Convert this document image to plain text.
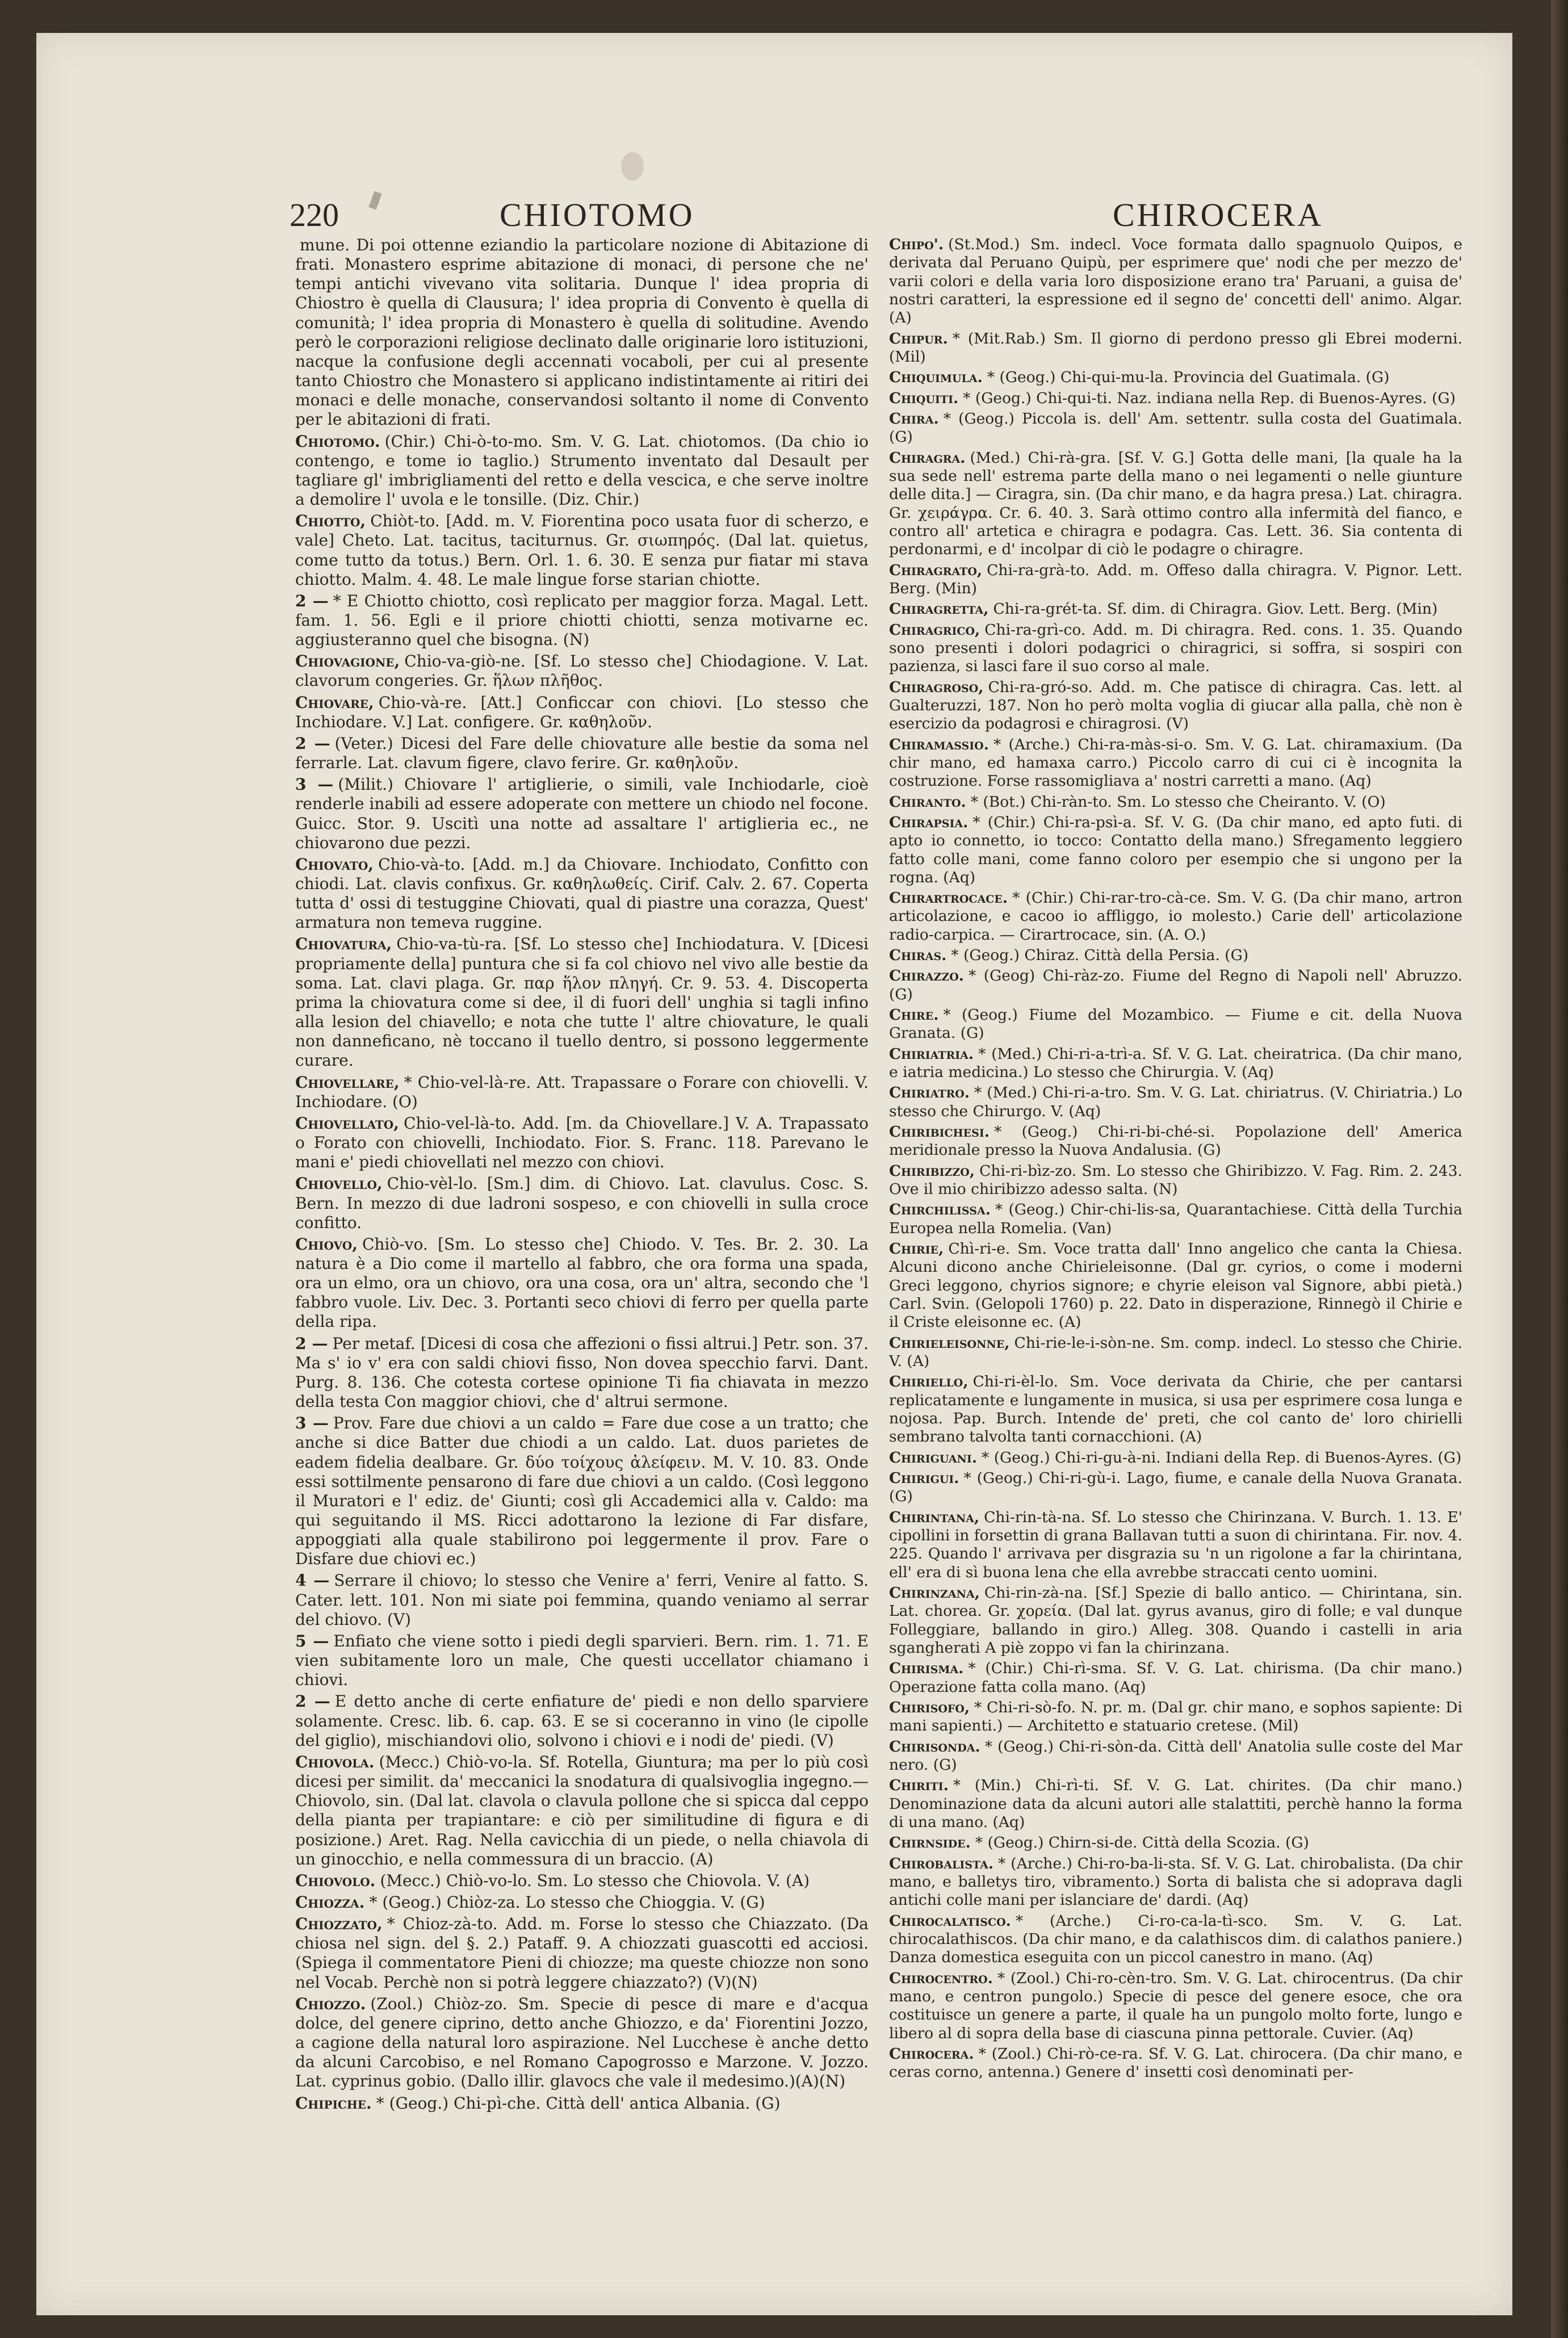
220	CHIOTOMO	CHIROCERA

mune. Di poi ottenne eziandio la particolare nozione di Abitazione di frati. Monastero esprime abitazione di monaci, di persone che ne' tempi antichi vivevano vita solitaria. Dunque l' idea propria di Chiostro è quella di Clausura; l' idea propria di Convento è quella di comunità; l' idea propria di Monastero è quella di solitudine. Avendo però le corporazioni religiose declinato dalle originarie loro istituzioni, nacque la confusione degli accennati vocaboli, per cui al presente tanto Chiostro che Monastero si applicano indistintamente ai ritiri dei monaci e delle monache, conservandosi soltanto il nome di Convento per le abitazioni di frati.

Chiotomo. (Chir.) Chi-ò-to-mo. Sm. V. G. Lat. chiotomos. (Da chio io contengo, e tome io taglio.) Strumento inventato dal Desault per tagliare gl' imbrigliamenti del retto e della vescica, e che serve inoltre a demolire l' uvola e le tonsille. (Diz. Chir.)

Chiotto, Chiòt-to. [Add. m. V. Fiorentina poco usata fuor di scherzo, e vale] Cheto. Lat. tacitus, taciturnus. Gr. σιωπηρός. (Dal lat. quietus, come tutto da totus.) Bern. Orl. 1. 6. 30. E senza pur fiatar mi stava chiotto. Malm. 4. 48. Le male lingue forse starian chiotte.

2 — * E Chiotto chiotto, così replicato per maggior forza. Magal. Lett. fam. 1. 56. Egli e il priore chiotti chiotti, senza motivarne ec. aggiusteranno quel che bisogna. (N)

Chiovagione, Chio-va-giò-ne. [Sf. Lo stesso che] Chiodagione. V. Lat. clavorum congeries. Gr. ἥλων πλῆθος.

Chiovare, Chio-và-re. [Att.] Conficcar con chiovi. [Lo stesso che Inchiodare. V.] Lat. configere. Gr. καθηλοῦν.

2 — (Veter.) Dicesi del Fare delle chiovature alle bestie da soma nel ferrarle. Lat. clavum figere, clavo ferire. Gr. καθηλοῦν.

3 — (Milit.) Chiovare l' artiglierie, o simili, vale Inchiodarle, cioè renderle inabili ad essere adoperate con mettere un chiodo nel focone. Guicc. Stor. 9. Uscitì una notte ad assaltare l' artiglieria ec., ne chiovarono due pezzi.

Chiovato, Chio-và-to. [Add. m.] da Chiovare. Inchiodato, Confitto con chiodi. Lat. clavis confixus. Gr. καθηλωθείς. Cirif. Calv. 2. 67. Coperta tutta d' ossi di testuggine Chiovati, qual di piastre una corazza, Quest' armatura non temeva ruggine.

Chiovatura, Chio-va-tù-ra. [Sf. Lo stesso che] Inchiodatura. V. [Dicesi propriamente della] puntura che si fa col chiovo nel vivo alle bestie da soma. Lat. clavi plaga. Gr. παρ ἥλον πληγή. Cr. 9. 53. 4. Discoperta prima la chiovatura come si dee, il di fuori dell' unghia si tagli infino alla lesion del chiavello; e nota che tutte l' altre chiovature, le quali non danneficano, nè toccano il tuello dentro, si possono leggermente curare.

Chiovellare, * Chio-vel-là-re. Att. Trapassare o Forare con chiovelli. V. Inchiodare. (O)

Chiovellato, Chio-vel-là-to. Add. [m. da Chiovellare.] V. A. Trapassato o Forato con chiovelli, Inchiodato. Fior. S. Franc. 118. Parevano le mani e' piedi chiovellati nel mezzo con chiovi.

Chiovello, Chio-vèl-lo. [Sm.] dim. di Chiovo. Lat. clavulus. Cosc. S. Bern. In mezzo di due ladroni sospeso, e con chiovelli in sulla croce confitto.

Chiovo, Chiò-vo. [Sm. Lo stesso che] Chiodo. V. Tes. Br. 2. 30. La natura è a Dio come il martello al fabbro, che ora forma una spada, ora un elmo, ora un chiovo, ora una cosa, ora un' altra, secondo che 'l fabbro vuole. Liv. Dec. 3. Portanti seco chiovi di ferro per quella parte della ripa.

2 — Per metaf. [Dicesi di cosa che affezioni o fissi altrui.] Petr. son. 37. Ma s' io v' era con saldi chiovi fisso, Non dovea specchio farvi. Dant. Purg. 8. 136. Che cotesta cortese opinione Ti fia chiavata in mezzo della testa Con maggior chiovi, che d' altrui sermone.

3 — Prov. Fare due chiovi a un caldo = Fare due cose a un tratto; che anche si dice Batter due chiodi a un caldo. Lat. duos parietes de eadem fidelia dealbare. Gr. δύο τοίχους ἀλείφειν. M. V. 10. 83. Onde essi sottilmente pensarono di fare due chiovi a un caldo. (Così leggono il Muratori e l' ediz. de' Giunti; così gli Accademici alla v. Caldo: ma qui seguitando il MS. Ricci adottarono la lezione di Far disfare, appoggiati alla quale stabilirono poi leggermente il prov. Fare o Disfare due chiovi ec.)

4 — Serrare il chiovo; lo stesso che Venire a' ferri, Venire al fatto. S. Cater. lett. 101. Non mi siate poi femmina, quando veniamo al serrar del chiovo. (V)

5 — Enfiato che viene sotto i piedi degli sparvieri. Bern. rim. 1. 71. E vien subitamente loro un male, Che questi uccellator chiamano i chiovi.

2 — E detto anche di certe enfiature de' piedi e non dello sparviere solamente. Cresc. lib. 6. cap. 63. E se si coceranno in vino (le cipolle del giglio), mischiandovi olio, solvono i chiovi e i nodi de' piedi. (V)

Chiovola. (Mecc.) Chiò-vo-la. Sf. Rotella, Giuntura; ma per lo più così dicesi per similit. da' meccanici la snodatura di qualsivoglia ingegno.— Chiovolo, sin. (Dal lat. clavola o clavula pollone che si spicca dal ceppo della pianta per trapiantare: e ciò per similitudine di figura e di posizione.) Aret. Rag. Nella cavicchia di un piede, o nella chiavola di un ginocchio, e nella commessura di un braccio. (A)

Chiovolo. (Mecc.) Chiò-vo-lo. Sm. Lo stesso che Chiovola. V. (A)

Chiozza. * (Geog.) Chiòz-za. Lo stesso che Chioggia. V. (G)

Chiozzato, * Chioz-zà-to. Add. m. Forse lo stesso che Chiazzato. (Da chiosa nel sign. del §. 2.) Pataff. 9. A chiozzati guascotti ed acciosi. (Spiega il commentatore Pieni di chiozze; ma queste chiozze non sono nel Vocab. Perchè non si potrà leggere chiazzato?) (V)(N)

Chiozzo. (Zool.) Chiòz-zo. Sm. Specie di pesce di mare e d'acqua dolce, del genere ciprino, detto anche Ghiozzo, e da' Fiorentini Jozzo, a cagione della natural loro aspirazione. Nel Lucchese è anche detto da alcuni Carcobiso, e nel Romano Capogrosso e Marzone. V. Jozzo. Lat. cyprinus gobio. (Dallo illir. glavocs che vale il medesimo.)(A)(N)

Chipiche. * (Geog.) Chi-pì-che. Città dell' antica Albania. (G)

Chipo'. (St.Mod.) Sm. indecl. Voce formata dallo spagnuolo Quipos, e derivata dal Peruano Quipù, per esprimere que' nodi che per mezzo de' varii colori e della varia loro disposizione erano tra' Paruani, a guisa de' nostri caratteri, la espressione ed il segno de' concetti dell' animo. Algar. (A)

Chipur. * (Mit.Rab.) Sm. Il giorno di perdono presso gli Ebrei moderni. (Mil)

Chiquimula. * (Geog.) Chi-qui-mu-la. Provincia del Guatimala. (G)

Chiquiti. * (Geog.) Chi-qui-ti. Naz. indiana nella Rep. di Buenos-Ayres. (G)

Chira. * (Geog.) Piccola is. dell' Am. settentr. sulla costa del Guatimala. (G)

Chiragra. (Med.) Chi-rà-gra. [Sf. V. G.] Gotta delle mani, [la quale ha la sua sede nell' estrema parte della mano o nei legamenti o nelle giunture delle dita.] — Ciragra, sin. (Da chir mano, e da hagra presa.) Lat. chiragra. Gr. χειράγρα. Cr. 6. 40. 3. Sarà ottimo contro alla infermità del fianco, e contro all' artetica e chiragra e podagra. Cas. Lett. 36. Sia contenta di perdonarmi, e d' incolpar di ciò le podagre o chiragre.

Chiragrato, Chi-ra-grà-to. Add. m. Offeso dalla chiragra. V. Pignor. Lett. Berg. (Min)

Chiragretta, Chi-ra-grét-ta. Sf. dim. di Chiragra. Giov. Lett. Berg. (Min)

Chiragrico, Chi-ra-grì-co. Add. m. Di chiragra. Red. cons. 1. 35. Quando sono presenti i dolori podagrici o chiragrici, si soffra, si sospiri con pazienza, si lasci fare il suo corso al male.

Chiragroso, Chi-ra-gró-so. Add. m. Che patisce di chiragra. Cas. lett. al Gualteruzzi, 187. Non ho però molta voglia di giucar alla palla, chè non è esercizio da podagrosi e chiragrosi. (V)

Chiramassio. * (Arche.) Chi-ra-màs-si-o. Sm. V. G. Lat. chiramaxium. (Da chir mano, ed hamaxa carro.) Piccolo carro di cui ci è incognita la costruzione. Forse rassomigliava a' nostri carretti a mano. (Aq)

Chiranto. * (Bot.) Chi-ràn-to. Sm. Lo stesso che Cheiranto. V. (O)

Chirapsia. * (Chir.) Chi-ra-psì-a. Sf. V. G. (Da chir mano, ed apto futi. di apto io connetto, io tocco: Contatto della mano.) Sfregamento leggiero fatto colle mani, come fanno coloro per esempio che si ungono per la rogna. (Aq)

Chirartrocace. * (Chir.) Chi-rar-tro-cà-ce. Sm. V. G. (Da chir mano, artron articolazione, e cacoo io affliggo, io molesto.) Carie dell' articolazione radio-carpica. — Cirartrocace, sin. (A. O.)

Chiras. * (Geog.) Chiraz. Città della Persia. (G)

Chirazzo. * (Geog) Chi-ràz-zo. Fiume del Regno di Napoli nell' Abruzzo. (G)

Chire. * (Geog.) Fiume del Mozambico. — Fiume e cit. della Nuova Granata. (G)

Chiriatria. * (Med.) Chi-ri-a-trì-a. Sf. V. G. Lat. cheiratrica. (Da chir mano, e iatria medicina.) Lo stesso che Chirurgia. V. (Aq)

Chiriatro. * (Med.) Chi-ri-a-tro. Sm. V. G. Lat. chiriatrus. (V. Chiriatria.) Lo stesso che Chirurgo. V. (Aq)

Chiribichesi. * (Geog.) Chi-ri-bi-ché-si. Popolazione dell' America meridionale presso la Nuova Andalusia. (G)

Chiribizzo, Chi-ri-bìz-zo. Sm. Lo stesso che Ghiribizzo. V. Fag. Rim. 2. 243. Ove il mio chiribizzo adesso salta. (N)

Chirchilissa. * (Geog.) Chir-chi-lis-sa, Quarantachiese. Città della Turchia Europea nella Romelia. (Van)

Chirie, Chì-ri-e. Sm. Voce tratta dall' Inno angelico che canta la Chiesa. Alcuni dicono anche Chirieleisonne. (Dal gr. cyrios, o come i moderni Greci leggono, chyrios signore; e chyrie eleison val Signore, abbi pietà.) Carl. Svin. (Gelopoli 1760) p. 22. Dato in disperazione, Rinnegò il Chirie e il Criste eleisonne ec. (A)

Chirieleisonne, Chi-rie-le-i-sòn-ne. Sm. comp. indecl. Lo stesso che Chirie. V. (A)

Chiriello, Chi-ri-èl-lo. Sm. Voce derivata da Chirie, che per cantarsi replicatamente e lungamente in musica, si usa per esprimere cosa lunga e nojosa. Pap. Burch. Intende de' preti, che col canto de' loro chirielli sembrano talvolta tanti cornacchioni. (A)

Chiriguani. * (Geog.) Chi-ri-gu-à-ni. Indiani della Rep. di Buenos-Ayres. (G)

Chirigui. * (Geog.) Chi-ri-gù-i. Lago, fiume, e canale della Nuova Granata. (G)

Chirintana, Chi-rin-tà-na. Sf. Lo stesso che Chirinzana. V. Burch. 1. 13. E' cipollini in forsettin di grana Ballavan tutti a suon di chirintana. Fir. nov. 4. 225. Quando l' arrivava per disgrazia su 'n un rigolone a far la chirintana, ell' era di sì buona lena che ella avrebbe straccati cento uomini.

Chirinzana, Chi-rin-zà-na. [Sf.] Spezie di ballo antico. — Chirintana, sin. Lat. chorea. Gr. χορεία. (Dal lat. gyrus avanus, giro di folle; e val dunque Folleggiare, ballando in giro.) Alleg. 308. Quando i castelli in aria sgangherati A piè zoppo vi fan la chirinzana.

Chirisma. * (Chir.) Chi-rì-sma. Sf. V. G. Lat. chirisma. (Da chir mano.) Operazione fatta colla mano. (Aq)

Chirisofo, * Chi-ri-sò-fo. N. pr. m. (Dal gr. chir mano, e sophos sapiente: Di mani sapienti.) — Architetto e statuario cretese. (Mil)

Chirisonda. * (Geog.) Chi-ri-sòn-da. Città dell' Anatolia sulle coste del Mar nero. (G)

Chiriti. * (Min.) Chi-rì-ti. Sf. V. G. Lat. chirites. (Da chir mano.) Denominazione data da alcuni autori alle stalattiti, perchè hanno la forma di una mano. (Aq)

Chirnside. * (Geog.) Chirn-si-de. Città della Scozia. (G)

Chirobalista. * (Arche.) Chi-ro-ba-li-sta. Sf. V. G. Lat. chirobalista. (Da chir mano, e balletys tiro, vibramento.) Sorta di balista che si adoprava dagli antichi colle mani per islanciare de' dardi. (Aq)

Chirocalatisco. * (Arche.) Ci-ro-ca-la-tì-sco. Sm. V. G. Lat. chirocalathiscos. (Da chir mano, e da calathiscos dim. di calathos paniere.) Danza domestica eseguita con un piccol canestro in mano. (Aq)

Chirocentro. * (Zool.) Chi-ro-cèn-tro. Sm. V. G. Lat. chirocentrus. (Da chir mano, e centron pungolo.) Specie di pesce del genere esoce, che ora costituisce un genere a parte, il quale ha un pungolo molto forte, lungo e libero al di sopra della base di ciascuna pinna pettorale. Cuvier. (Aq)

Chirocera. * (Zool.) Chi-rò-ce-ra. Sf. V. G. Lat. chirocera. (Da chir mano, e ceras corno, antenna.) Genere d' insetti così denominati per-
